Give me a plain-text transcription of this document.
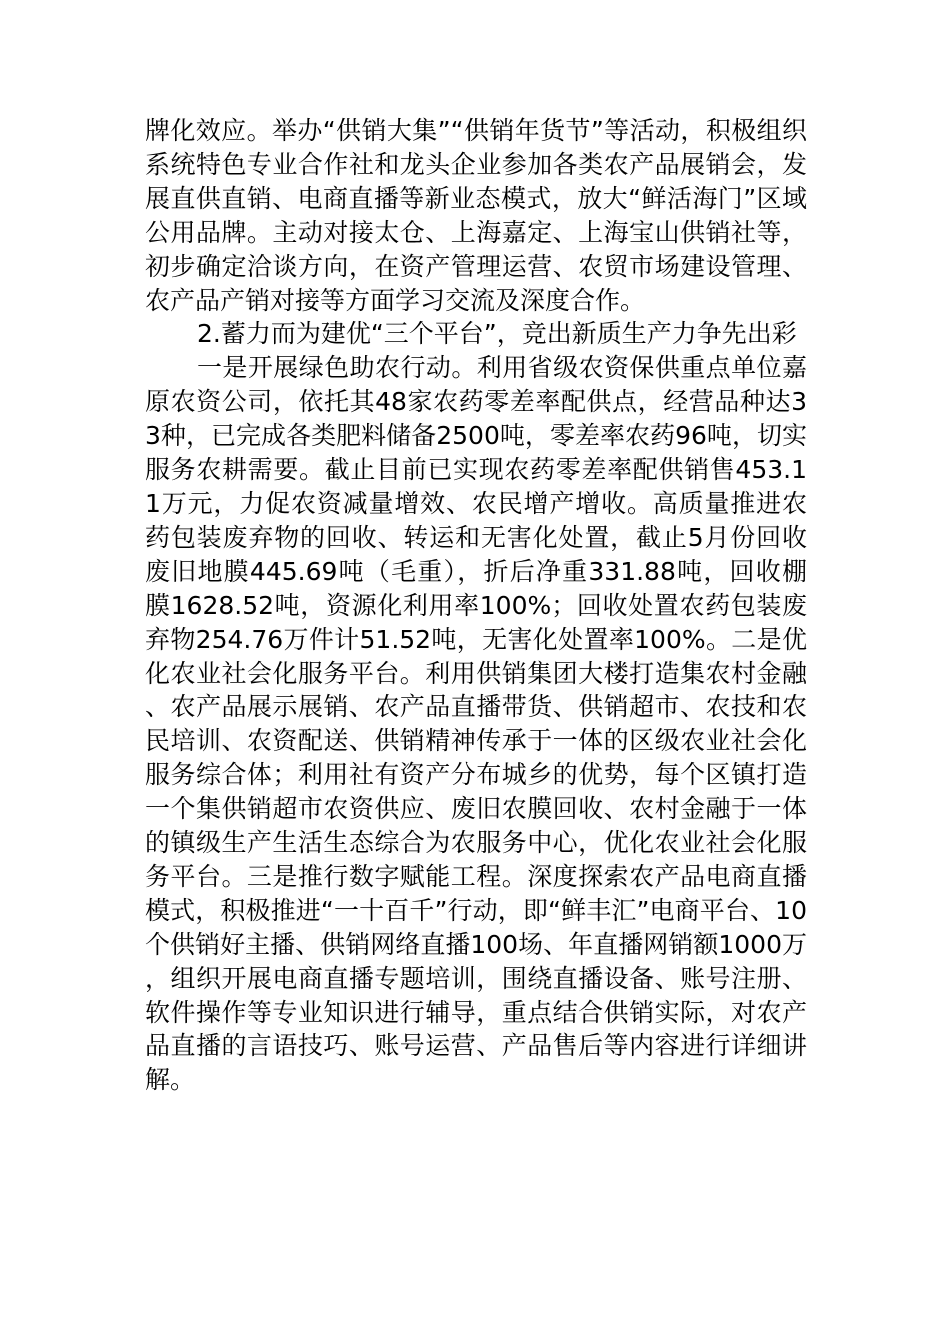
牌化效应。举办“供销大集”“供销年货节”等活动，积极组织系统特色专业合作社和龙头企业参加各类农产品展销会，发展直供直销、电商直播等新业态模式，放大“鲜活海门”区域公用品牌。主动对接太仓、上海嘉定、上海宝山供销社等，初步确定洽谈方向，在资产管理运营、农贸市场建设管理、农产品产销对接等方面学习交流及深度合作。

2.蓄力而为建优“三个平台”，竞出新质生产力争先出彩

一是开展绿色助农行动。利用省级农资保供重点单位嘉原农资公司，依托其48家农药零差率配供点，经营品种达33种，已完成各类肥料储备2500吨，零差率农药96吨，切实服务农耕需要。截止目前已实现农药零差率配供销售453.11万元，力促农资减量增效、农民增产增收。高质量推进农药包装废弃物的回收、转运和无害化处置，截止5月份回收废旧地膜445.69吨（毛重），折后净重331.88吨，回收棚膜1628.52吨，资源化利用率100%；回收处置农药包装废弃物254.76万件计51.52吨，无害化处置率100%。二是优化农业社会化服务平台。利用供销集团大楼打造集农村金融、农产品展示展销、农产品直播带货、供销超市、农技和农民培训、农资配送、供销精神传承于一体的区级农业社会化服务综合体；利用社有资产分布城乡的优势，每个区镇打造一个集供销超市农资供应、废旧农膜回收、农村金融于一体的镇级生产生活生态综合为农服务中心，优化农业社会化服务平台。三是推行数字赋能工程。深度探索农产品电商直播模式，积极推进“一十百千”行动，即“鲜丰汇”电商平台、10个供销好主播、供销网络直播100场、年直播网销额1000万，组织开展电商直播专题培训，围绕直播设备、账号注册、软件操作等专业知识进行辅导，重点结合供销实际，对农产品直播的言语技巧、账号运营、产品售后等内容进行详细讲解。
